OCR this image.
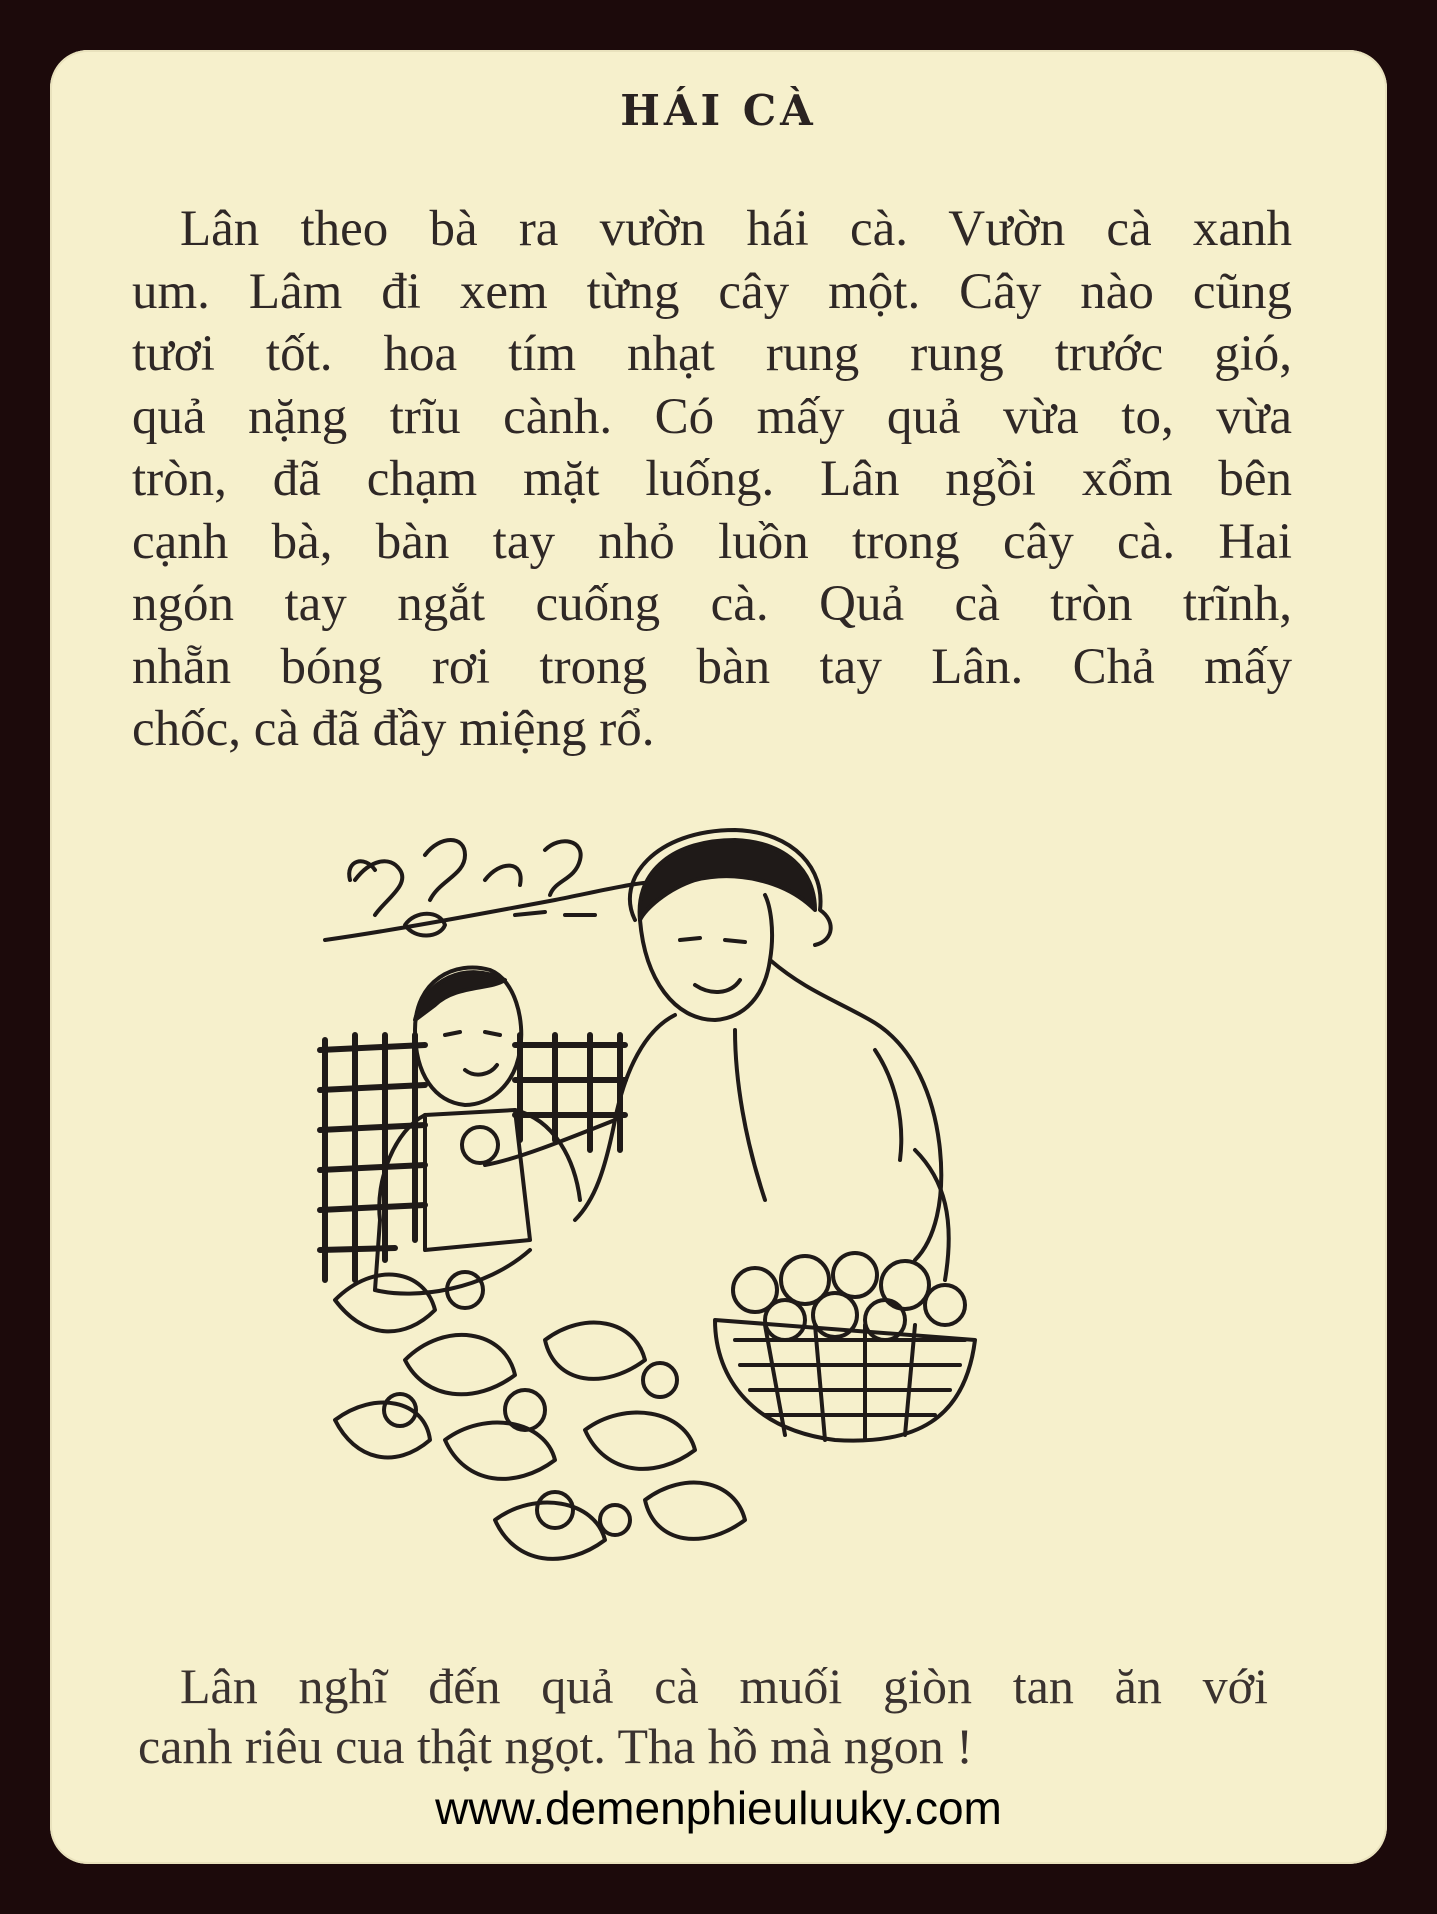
HÁI CÀ
Lân theo bà ra vườn hái cà. Vườn cà xanh
um. Lâm đi xem từng cây một. Cây nào cũng
tươi tốt. hoa tím nhạt rung rung trước gió,
quả nặng trĩu cành. Có mấy quả vừa to, vừa
tròn, đã chạm mặt luống. Lân ngồi xổm bên
cạnh bà, bàn tay nhỏ luồn trong cây cà. Hai
ngón tay ngắt cuống cà. Quả cà tròn trĩnh,
nhẵn bóng rơi trong bàn tay Lân. Chả mấy
chốc, cà đã đầy miệng rổ.
Lân nghĩ đến quả cà muối giòn tan ăn với
canh riêu cua thật ngọt. Tha hồ mà ngon !
www.demenphieuluuky.com
